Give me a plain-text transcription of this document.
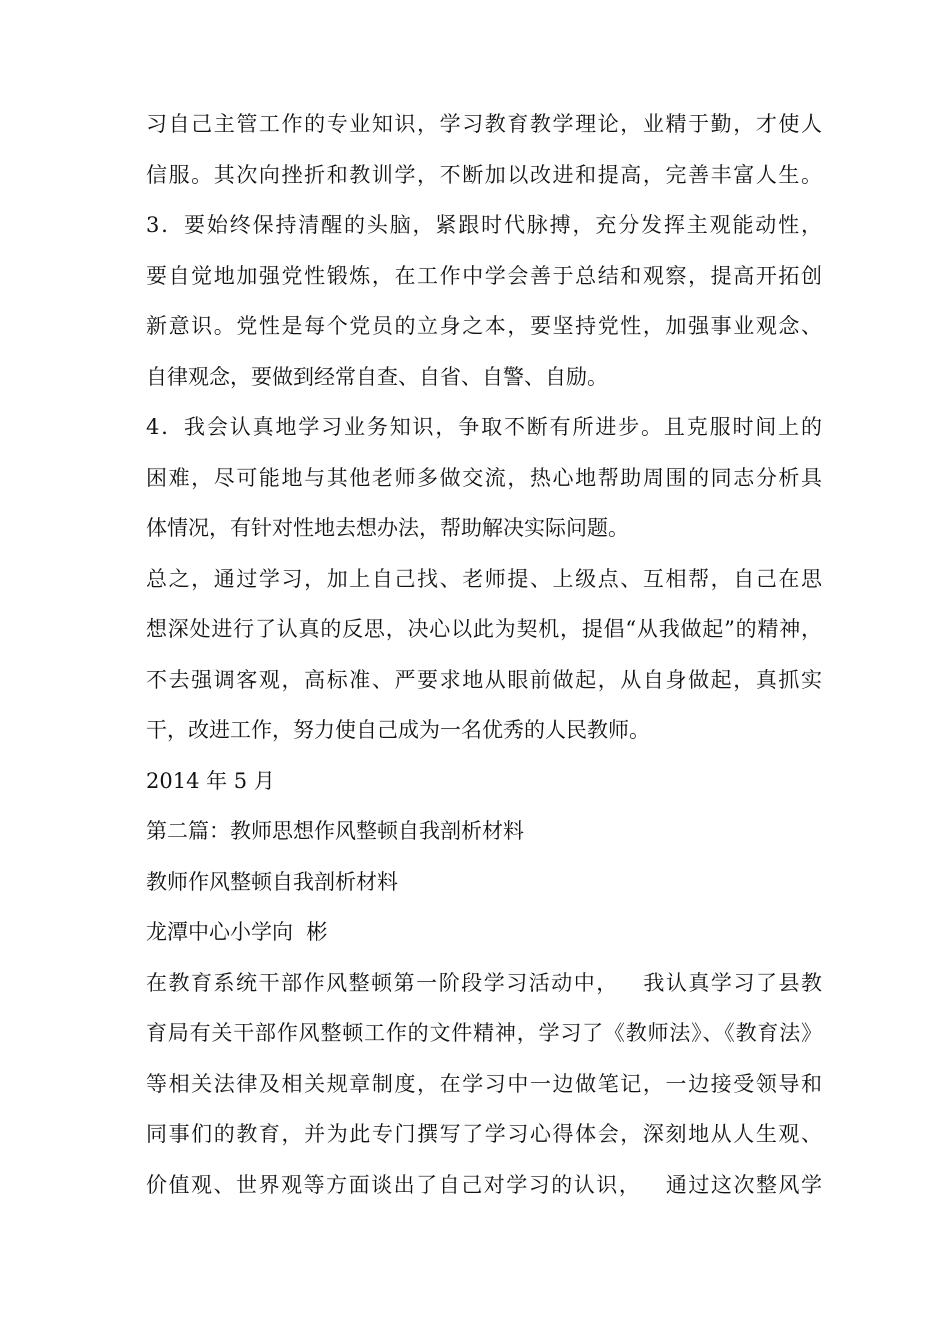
习自己主管工作的专业知识，学习教育教学理论，业精于勤，才使人
信服。其次向挫折和教训学，不断加以改进和提高，完善丰富人生。
3．要始终保持清醒的头脑，紧跟时代脉搏，充分发挥主观能动性，
要自觉地加强党性锻炼，在工作中学会善于总结和观察，提高开拓创
新意识。党性是每个党员的立身之本，要坚持党性，加强事业观念、
自律观念，要做到经常自查、自省、自警、自励。
4．我会认真地学习业务知识，争取不断有所进步。且克服时间上的
困难，尽可能地与其他老师多做交流，热心地帮助周围的同志分析具
体情况，有针对性地去想办法，帮助解决实际问题。
总之，通过学习，加上自己找、老师提、上级点、互相帮，自己在思
想深处进行了认真的反思，决心以此为契机，提倡“从我做起”的精神，
不去强调客观，高标准、严要求地从眼前做起，从自身做起，真抓实
干，改进工作，努力使自己成为一名优秀的人民教师。
2014 年 5 月
第二篇：教师思想作风整顿自我剖析材料
教师作风整顿自我剖析材料
龙潭中心小学向  彬
在教育系统干部作风整顿第一阶段学习活动中，   我认真学习了县教
育局有关干部作风整顿工作的文件精神，学习了《教师法》、《教育法》
等相关法律及相关规章制度，在学习中一边做笔记，一边接受领导和
同事们的教育，并为此专门撰写了学习心得体会，深刻地从人生观、
价值观、世界观等方面谈出了自己对学习的认识，   通过这次整风学
